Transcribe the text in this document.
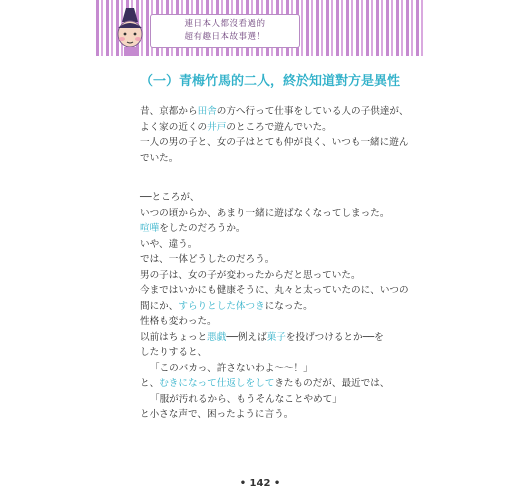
連日本人都沒看過的
超有趣日本故事選！
（一）青梅竹馬的二人，終於知道對方是異性
昔、京都から田舎の方へ行って仕事をしている人の子供達が、
よく家の近くの井戸のところで遊んでいた。
一人の男の子と、女の子はとても仲が良く、いつも一緒に遊ん
でいた。
──ところが、
いつの頃からか、あまり一緒に遊ばなくなってしまった。
喧嘩をしたのだろうか。
いや、違う。
では、一体どうしたのだろう。
男の子は、女の子が変わったからだと思っていた。
今まではいかにも健康そうに、丸々と太っていたのに、いつの
間にか、すらりとした体つきになった。
性格も変わった。
以前はちょっと悪戯──例えば菓子を投げつけるとか──を
したりすると、
「このバカっ、許さないわよ～～！」
と、むきになって仕返しをしてきたものだが、最近では、
「服が汚れるから、もうそんなことやめて」
と小さな声で、困ったように言う。
• 142 •
